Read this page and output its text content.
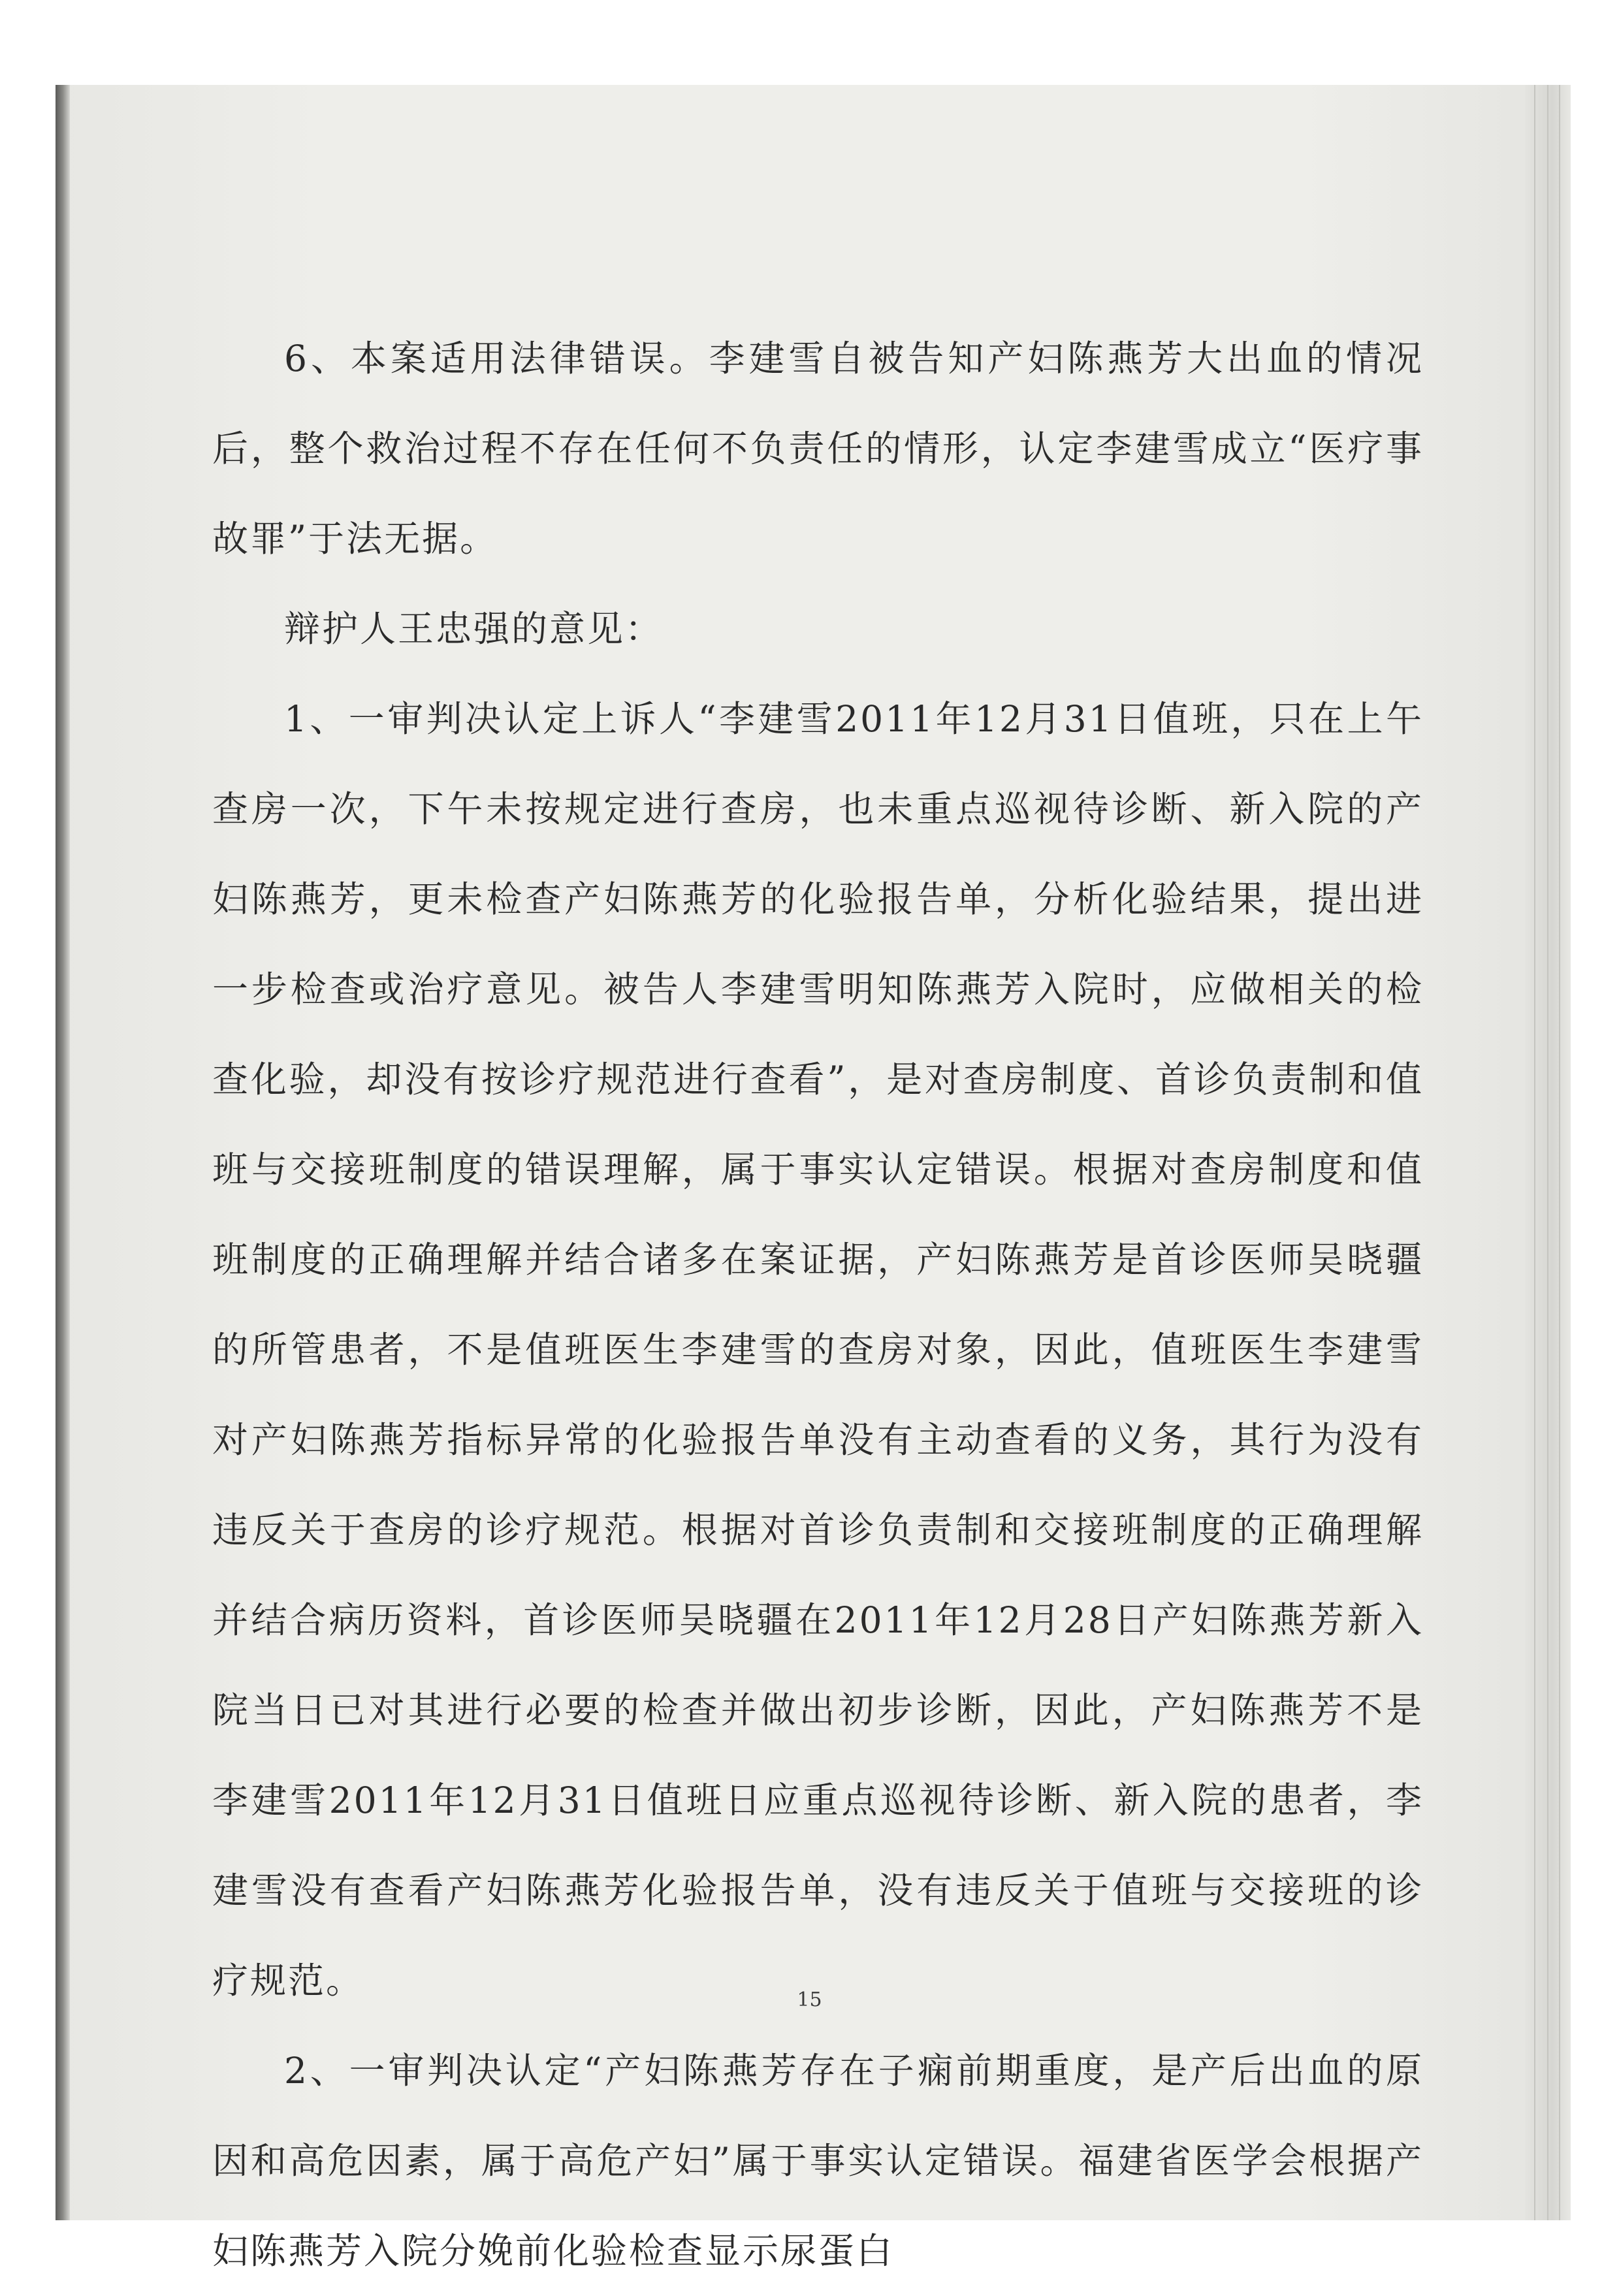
6、本案适用法律错误。李建雪自被告知产妇陈燕芳大出血的情况后，整个救治过程不存在任何不负责任的情形，认定李建雪成立“医疗事故罪”于法无据。

辩护人王忠强的意见：

1、一审判决认定上诉人“李建雪2011年12月31日值班，只在上午查房一次，下午未按规定进行查房，也未重点巡视待诊断、新入院的产妇陈燕芳，更未检查产妇陈燕芳的化验报告单，分析化验结果，提出进一步检查或治疗意见。被告人李建雪明知陈燕芳入院时，应做相关的检查化验，却没有按诊疗规范进行查看”，是对查房制度、首诊负责制和值班与交接班制度的错误理解，属于事实认定错误。根据对查房制度和值班制度的正确理解并结合诸多在案证据，产妇陈燕芳是首诊医师吴晓疆的所管患者，不是值班医生李建雪的查房对象，因此，值班医生李建雪对产妇陈燕芳指标异常的化验报告单没有主动查看的义务，其行为没有违反关于查房的诊疗规范。根据对首诊负责制和交接班制度的正确理解并结合病历资料，首诊医师吴晓疆在2011年12月28日产妇陈燕芳新入院当日已对其进行必要的检查并做出初步诊断，因此，产妇陈燕芳不是李建雪2011年12月31日值班日应重点巡视待诊断、新入院的患者，李建雪没有查看产妇陈燕芳化验报告单，没有违反关于值班与交接班的诊疗规范。

2、一审判决认定“产妇陈燕芳存在子痫前期重度，是产后出血的原因和高危因素，属于高危产妇”属于事实认定错误。福建省医学会根据产妇陈燕芳入院分娩前化验检查显示尿蛋白

15
